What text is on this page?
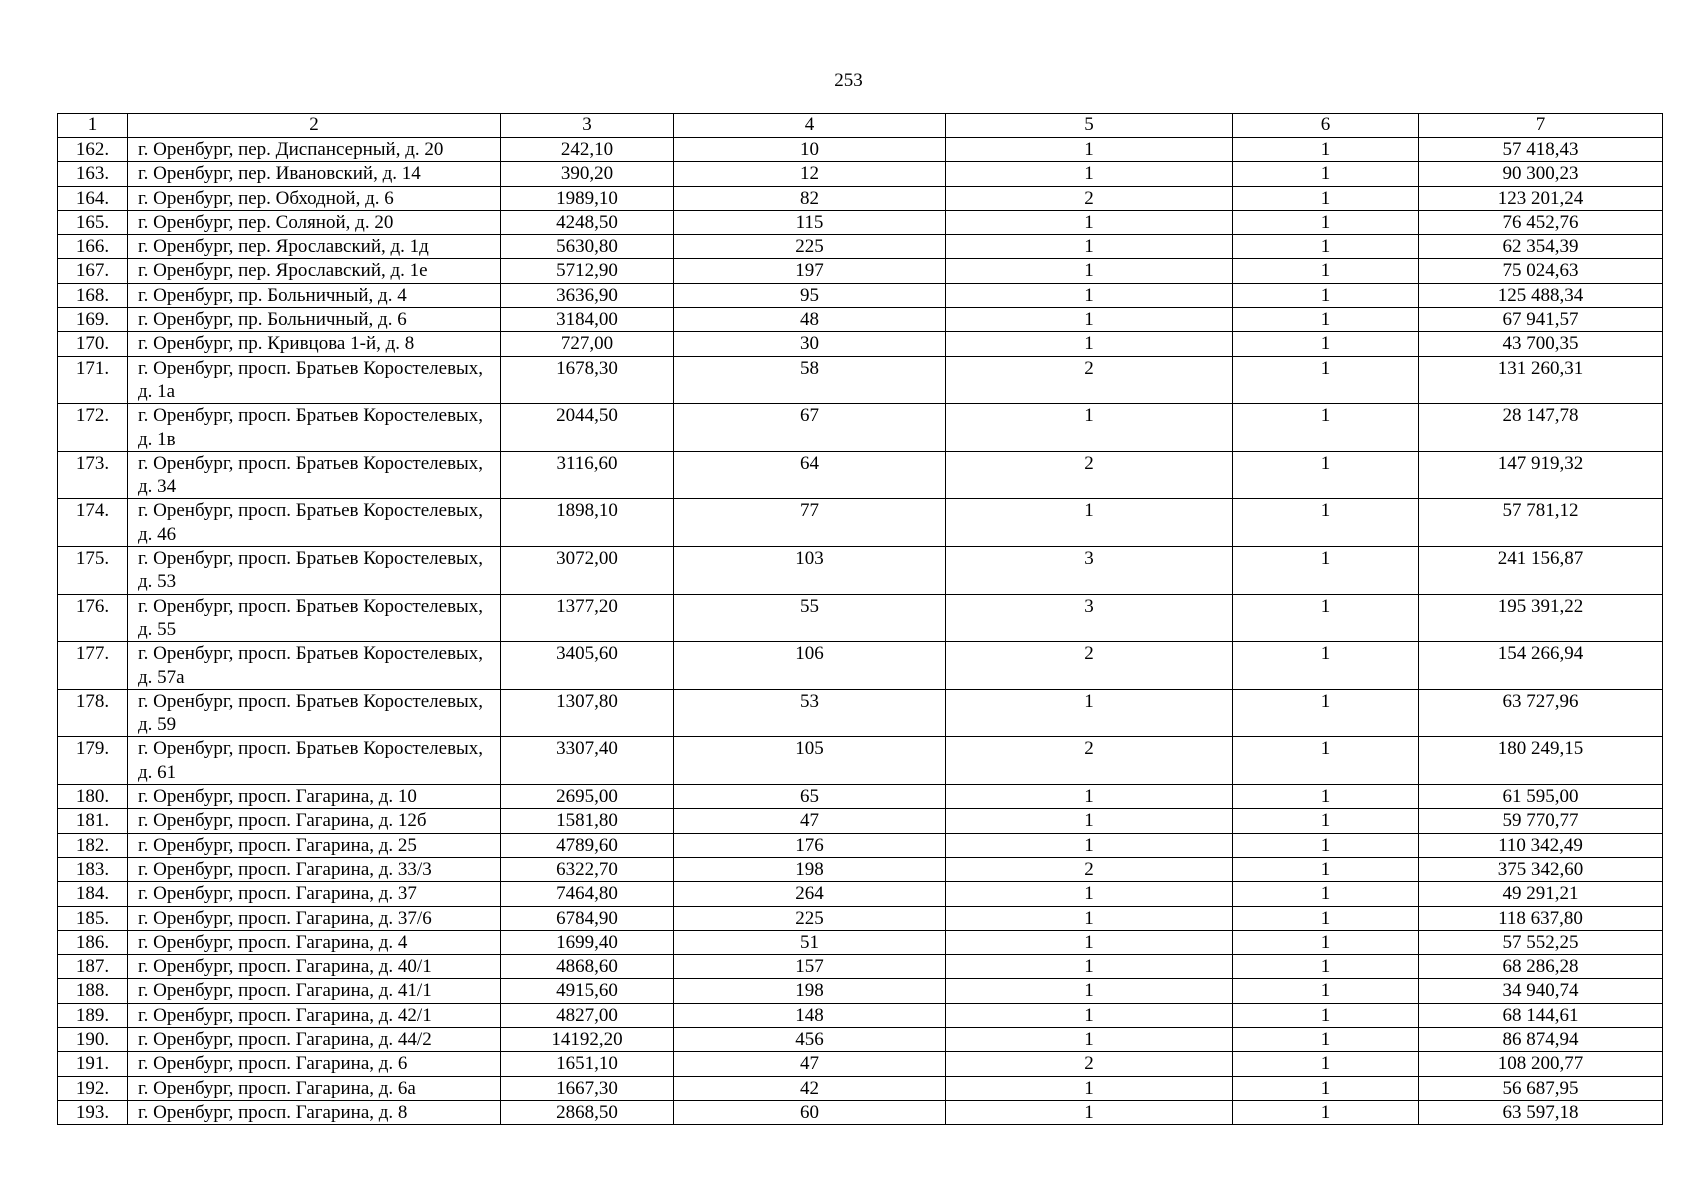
253
1	2	3	4	5	6	7
162.	г. Оренбург, пер. Диспансерный, д. 20	242,10	10	1	1	57 418,43
163.	г. Оренбург, пер. Ивановский, д. 14	390,20	12	1	1	90 300,23
164.	г. Оренбург, пер. Обходной, д. 6	1989,10	82	2	1	123 201,24
165.	г. Оренбург, пер. Соляной, д. 20	4248,50	115	1	1	76 452,76
166.	г. Оренбург, пер. Ярославский, д. 1д	5630,80	225	1	1	62 354,39
167.	г. Оренбург, пер. Ярославский, д. 1е	5712,90	197	1	1	75 024,63
168.	г. Оренбург, пр. Больничный, д. 4	3636,90	95	1	1	125 488,34
169.	г. Оренбург, пр. Больничный, д. 6	3184,00	48	1	1	67 941,57
170.	г. Оренбург, пр. Кривцова 1-й, д. 8	727,00	30	1	1	43 700,35
171.	г. Оренбург, просп. Братьев Коростелевых, д. 1а	1678,30	58	2	1	131 260,31
172.	г. Оренбург, просп. Братьев Коростелевых, д. 1в	2044,50	67	1	1	28 147,78
173.	г. Оренбург, просп. Братьев Коростелевых, д. 34	3116,60	64	2	1	147 919,32
174.	г. Оренбург, просп. Братьев Коростелевых, д. 46	1898,10	77	1	1	57 781,12
175.	г. Оренбург, просп. Братьев Коростелевых, д. 53	3072,00	103	3	1	241 156,87
176.	г. Оренбург, просп. Братьев Коростелевых, д. 55	1377,20	55	3	1	195 391,22
177.	г. Оренбург, просп. Братьев Коростелевых, д. 57а	3405,60	106	2	1	154 266,94
178.	г. Оренбург, просп. Братьев Коростелевых, д. 59	1307,80	53	1	1	63 727,96
179.	г. Оренбург, просп. Братьев Коростелевых, д. 61	3307,40	105	2	1	180 249,15
180.	г. Оренбург, просп. Гагарина, д. 10	2695,00	65	1	1	61 595,00
181.	г. Оренбург, просп. Гагарина, д. 12б	1581,80	47	1	1	59 770,77
182.	г. Оренбург, просп. Гагарина, д. 25	4789,60	176	1	1	110 342,49
183.	г. Оренбург, просп. Гагарина, д. 33/3	6322,70	198	2	1	375 342,60
184.	г. Оренбург, просп. Гагарина, д. 37	7464,80	264	1	1	49 291,21
185.	г. Оренбург, просп. Гагарина, д. 37/6	6784,90	225	1	1	118 637,80
186.	г. Оренбург, просп. Гагарина, д. 4	1699,40	51	1	1	57 552,25
187.	г. Оренбург, просп. Гагарина, д. 40/1	4868,60	157	1	1	68 286,28
188.	г. Оренбург, просп. Гагарина, д. 41/1	4915,60	198	1	1	34 940,74
189.	г. Оренбург, просп. Гагарина, д. 42/1	4827,00	148	1	1	68 144,61
190.	г. Оренбург, просп. Гагарина, д. 44/2	14192,20	456	1	1	86 874,94
191.	г. Оренбург, просп. Гагарина, д. 6	1651,10	47	2	1	108 200,77
192.	г. Оренбург, просп. Гагарина, д. 6а	1667,30	42	1	1	56 687,95
193.	г. Оренбург, просп. Гагарина, д. 8	2868,50	60	1	1	63 597,18
